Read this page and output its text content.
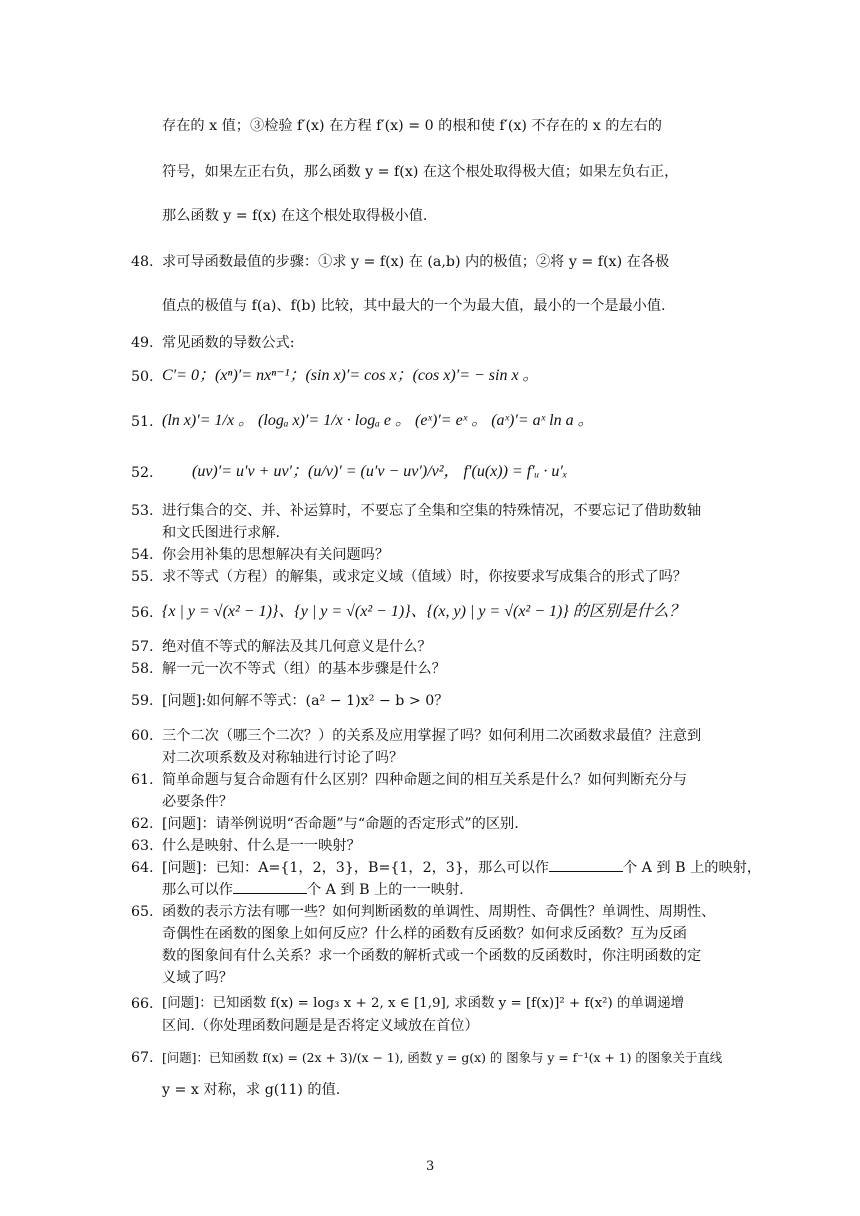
存在的 x 值；③检验 f′(x) 在方程 f′(x) = 0 的根和使 f′(x) 不存在的 x 的左右的
符号，如果左正右负，那么函数 y = f(x) 在这个根处取得极大值；如果左负右正，
那么函数 y = f(x) 在这个根处取得极小值.
48. 求可导函数最值的步骤：①求 y = f(x) 在 (a,b) 内的极值；②将 y = f(x) 在各极
值点的极值与 f(a)、f(b) 比较，其中最大的一个为最大值，最小的一个是最小值.
49. 常见函数的导数公式:
50. C′= 0；(xⁿ)′= nxⁿ⁻¹；(sin x)′= cos x；(cos x)′= − sin x 。
51. (ln x)′= 1/x 。 (logₐ x)′= 1/x · logₐ e 。 (eˣ)′= eˣ 。 (aˣ)′= aˣ ln a 。
52. (uv)′= u′v + uv′；(u/v)′ = (u′v − uv′)/v²， f′(u(x)) = f′ᵤ · u′ₓ
53. 进行集合的交、并、补运算时，不要忘了全集和空集的特殊情况，不要忘记了借助数轴
和文氏图进行求解.
54. 你会用补集的思想解决有关问题吗？
55. 求不等式（方程）的解集，或求定义域（值域）时，你按要求写成集合的形式了吗？
56. {x | y = √(x² − 1)}、{y | y = √(x² − 1)}、{(x, y) | y = √(x² − 1)} 的区别是什么？
57. 绝对值不等式的解法及其几何意义是什么？
58. 解一元一次不等式（组）的基本步骤是什么？
59. [问题]:如何解不等式：(a² − 1)x² − b > 0？
60. 三个二次（哪三个二次？）的关系及应用掌握了吗？如何利用二次函数求最值？注意到
对二次项系数及对称轴进行讨论了吗？
61. 简单命题与复合命题有什么区别？四种命题之间的相互关系是什么？如何判断充分与
必要条件？
62. [问题]：请举例说明“否命题”与“命题的否定形式”的区别.
63. 什么是映射、什么是一一映射？
64. [问题]：已知：A={1，2，3}，B={1，2，3}，那么可以作	个 A 到 B 上的映射，
那么可以作	个 A 到 B 上的一一映射.
65. 函数的表示方法有哪一些？如何判断函数的单调性、周期性、奇偶性？单调性、周期性、
奇偶性在函数的图象上如何反应？什么样的函数有反函数？如何求反函数？互为反函
数的图象间有什么关系？求一个函数的解析式或一个函数的反函数时，你注明函数的定
义域了吗？
66. [问题]：已知函数 f(x) = log₃ x + 2, x ∈ [1,9], 求函数 y = [f(x)]² + f(x²) 的单调递增
区间.（你处理函数问题是是否将定义域放在首位）
67. [问题]：已知函数 f(x) = (2x + 3)/(x − 1), 函数 y = g(x) 的 图象与 y = f⁻¹(x + 1) 的图象关于直线
y = x 对称，求 g(11) 的值.
3
